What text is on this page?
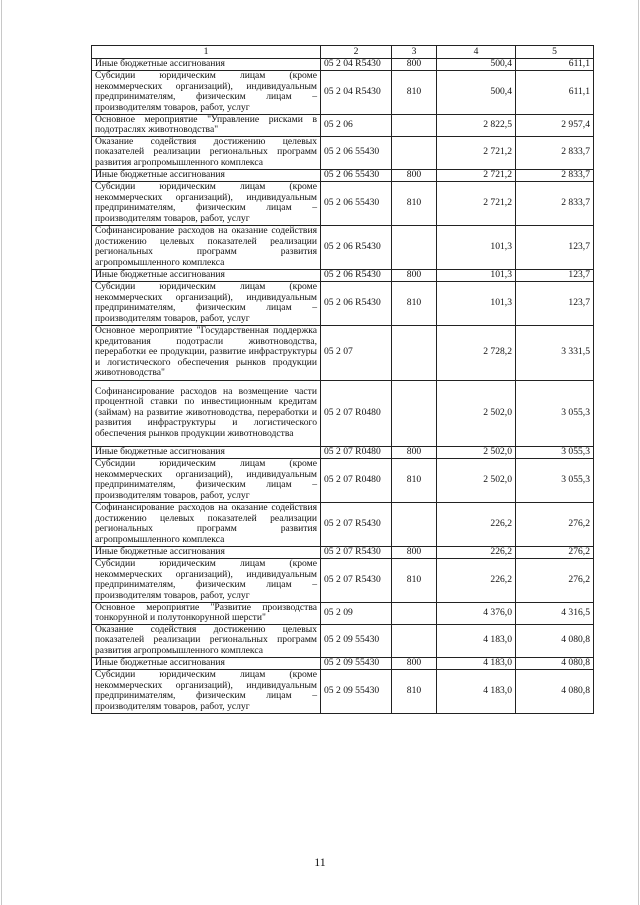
1	2	3	4	5
Иные бюджетные ассигнования	05 2 04 R5430	800	500,4	611,1
Субсидии юридическим лицам (кроме некоммерческих организаций), индивидуальным предпринимателям, физическим лицам – производителям товаров, работ, услуг	05 2 04 R5430	810	500,4	611,1
Основное мероприятие "Управление рисками в подотраслях животноводства"	05 2 06		2 822,5	2 957,4
Оказание содействия достижению целевых показателей реализации региональных программ развития агропромышленного комплекса	05 2 06 55430		2 721,2	2 833,7
Иные бюджетные ассигнования	05 2 06 55430	800	2 721,2	2 833,7
Субсидии юридическим лицам (кроме некоммерческих организаций), индивидуальным предпринимателям, физическим лицам – производителям товаров, работ, услуг	05 2 06 55430	810	2 721,2	2 833,7
Софинансирование расходов на оказание содействия достижению целевых показателей реализации региональных программ развития агропромышленного комплекса	05 2 06 R5430		101,3	123,7
Иные бюджетные ассигнования	05 2 06 R5430	800	101,3	123,7
Субсидии юридическим лицам (кроме некоммерческих организаций), индивидуальным предпринимателям, физическим лицам – производителям товаров, работ, услуг	05 2 06 R5430	810	101,3	123,7
Основное мероприятие "Государственная поддержка кредитования подотрасли животноводства, переработки ее продукции, развитие инфраструктуры и логистического обеспечения рынков продукции животноводства"	05 2 07		2 728,2	3 331,5
Софинансирование расходов на возмещение части процентной ставки по инвестиционным кредитам (займам) на развитие животноводства, переработки и развития инфраструктуры и логистического обеспечения рынков продукции животноводства	05 2 07 R0480		2 502,0	3 055,3
Иные бюджетные ассигнования	05 2 07 R0480	800	2 502,0	3 055,3
Субсидии юридическим лицам (кроме некоммерческих организаций), индивидуальным предпринимателям, физическим лицам – производителям товаров, работ, услуг	05 2 07 R0480	810	2 502,0	3 055,3
Софинансирование расходов на оказание содействия достижению целевых показателей реализации региональных программ развития агропромышленного комплекса	05 2 07 R5430		226,2	276,2
Иные бюджетные ассигнования	05 2 07 R5430	800	226,2	276,2
Субсидии юридическим лицам (кроме некоммерческих организаций), индивидуальным предпринимателям, физическим лицам – производителям товаров, работ, услуг	05 2 07 R5430	810	226,2	276,2
Основное мероприятие "Развитие производства тонкорунной и полутонкорунной шерсти"	05 2 09		4 376,0	4 316,5
Оказание содействия достижению целевых показателей реализации региональных программ развития агропромышленного комплекса	05 2 09 55430		4 183,0	4 080,8
Иные бюджетные ассигнования	05 2 09 55430	800	4 183,0	4 080,8
Субсидии юридическим лицам (кроме некоммерческих организаций), индивидуальным предпринимателям, физическим лицам – производителям товаров, работ, услуг	05 2 09 55430	810	4 183,0	4 080,8
11
